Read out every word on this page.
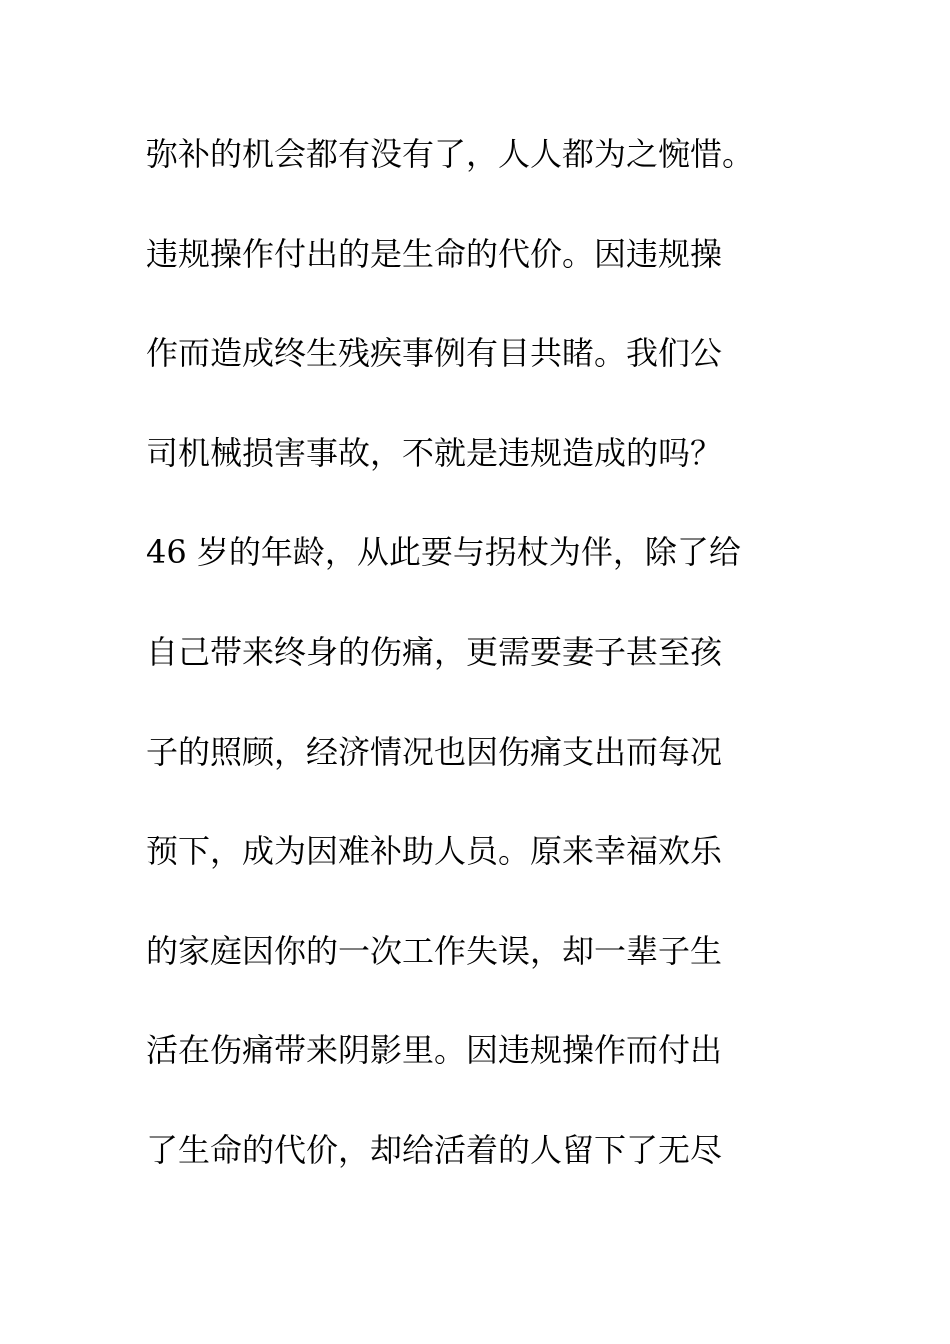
弥补的机会都有没有了，人人都为之惋惜。
违规操作付出的是生命的代价。因违规操
作而造成终生残疾事例有目共睹。我们公
司机械损害事故，不就是违规造成的吗？
46 岁的年龄，从此要与拐杖为伴，除了给
自己带来终身的伤痛，更需要妻子甚至孩
子的照顾，经济情况也因伤痛支出而每况
预下，成为因难补助人员。原来幸福欢乐
的家庭因你的一次工作失误，却一辈子生
活在伤痛带来阴影里。因违规操作而付出
了生命的代价，却给活着的人留下了无尽
